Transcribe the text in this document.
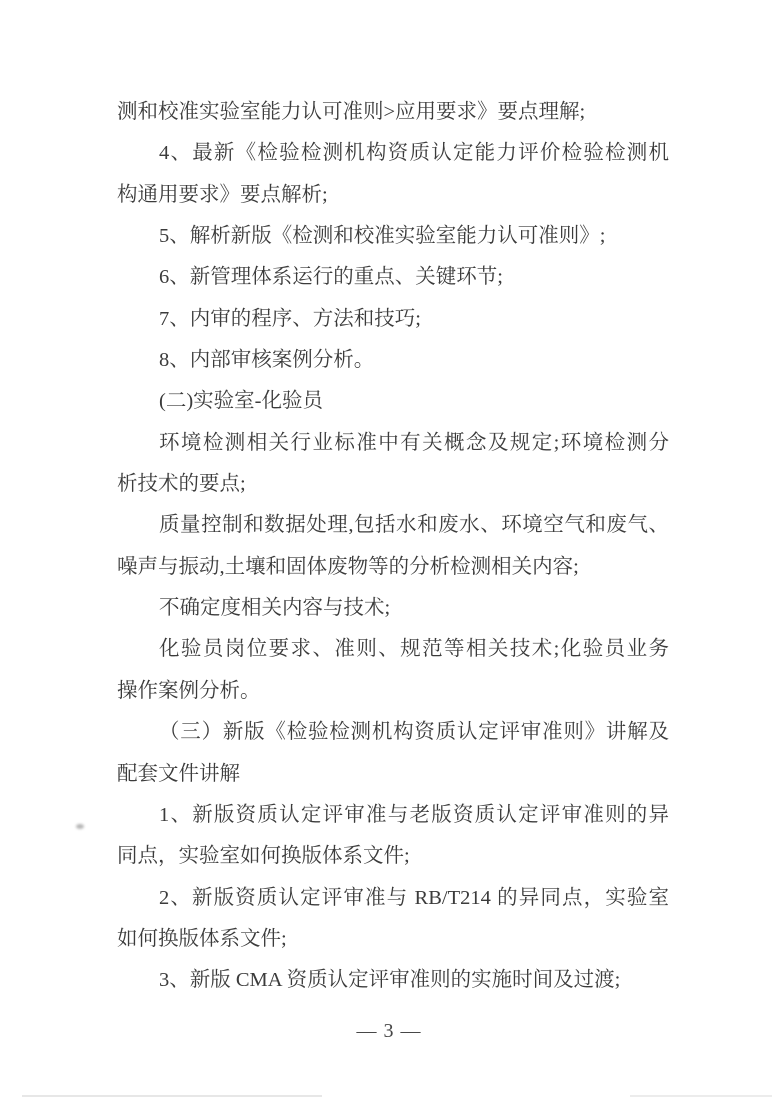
测和校准实验室能力认可准则>应用要求》要点理解;
4、最新《检验检测机构资质认定能力评价检验检测机
构通用要求》要点解析;
5、解析新版《检测和校准实验室能力认可准则》;
6、新管理体系运行的重点、关键环节;
7、内审的程序、方法和技巧;
8、内部审核案例分析。
(二)实验室-化验员
环境检测相关行业标准中有关概念及规定;环境检测分
析技术的要点;
质量控制和数据处理,包括水和废水、环境空气和废气、
噪声与振动,土壤和固体废物等的分析检测相关内容;
不确定度相关内容与技术;
化验员岗位要求、准则、规范等相关技术;化验员业务
操作案例分析。
（三）新版《检验检测机构资质认定评审准则》讲解及
配套文件讲解
1、新版资质认定评审准与老版资质认定评审准则的异
同点，实验室如何换版体系文件;
2、新版资质认定评审准与 RB/T214 的异同点，实验室
如何换版体系文件;
3、新版 CMA 资质认定评审准则的实施时间及过渡;
— 3 —
